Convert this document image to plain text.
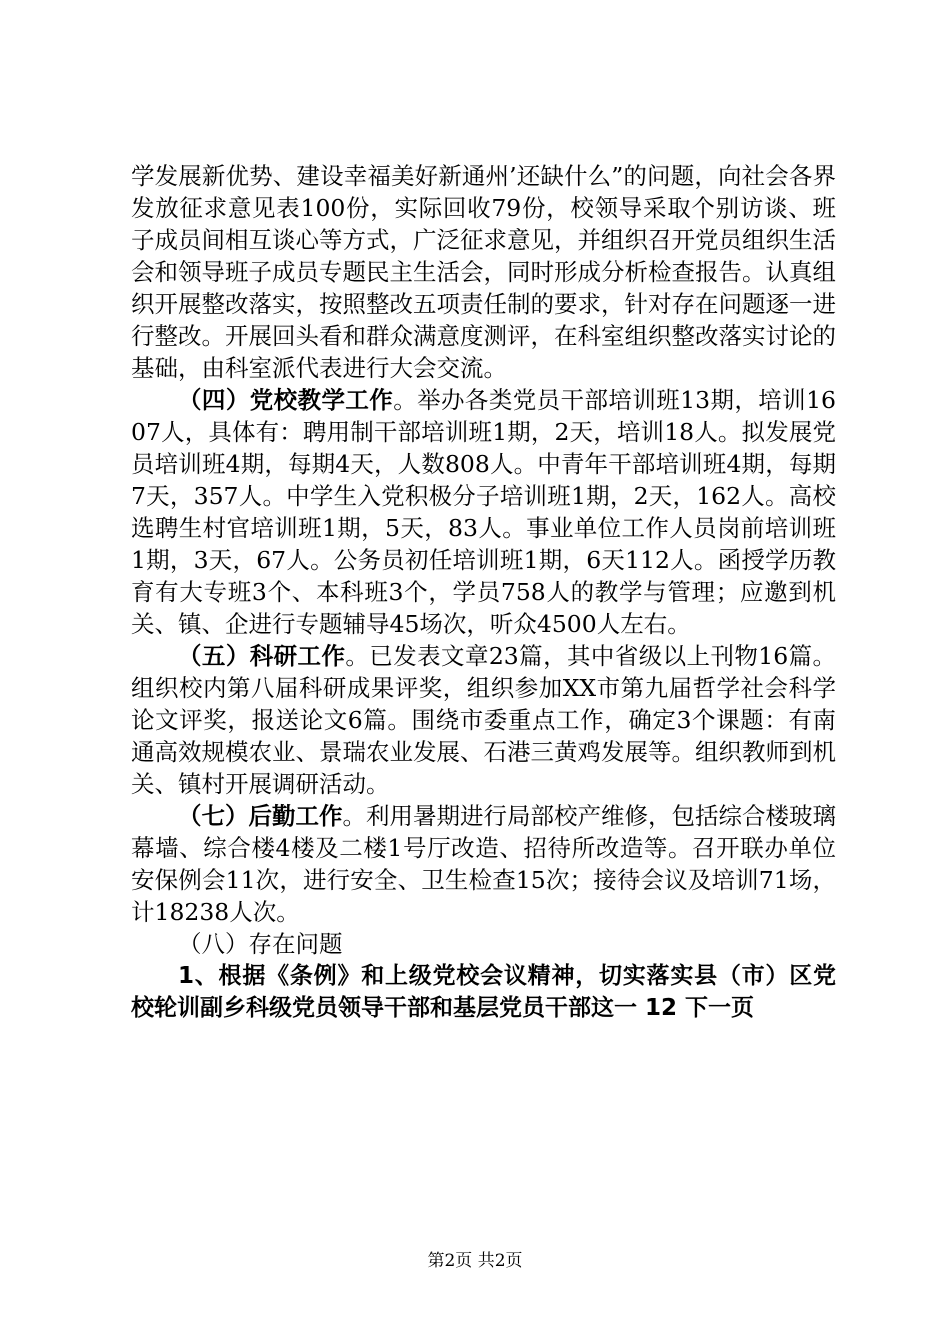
学发展新优势、建设幸福美好新通州’还缺什么”的问题，向社会各界发放征求意见表100份，实际回收79份，校领导采取个别访谈、班子成员间相互谈心等方式，广泛征求意见，并组织召开党员组织生活会和领导班子成员专题民主生活会，同时形成分析检查报告。认真组织开展整改落实，按照整改五项责任制的要求，针对存在问题逐一进行整改。开展回头看和群众满意度测评，在科室组织整改落实讨论的基础，由科室派代表进行大会交流。

（四）党校教学工作。举办各类党员干部培训班13期，培训1607人，具体有：聘用制干部培训班1期，2天，培训18人。拟发展党员培训班4期，每期4天，人数808人。中青年干部培训班4期，每期7天，357人。中学生入党积极分子培训班1期，2天，162人。高校选聘生村官培训班1期，5天，83人。事业单位工作人员岗前培训班1期，3天，67人。公务员初任培训班1期，6天112人。函授学历教育有大专班3个、本科班3个，学员758人的教学与管理；应邀到机关、镇、企进行专题辅导45场次，听众4500人左右。

（五）科研工作。已发表文章23篇，其中省级以上刊物16篇。组织校内第八届科研成果评奖，组织参加XX市第九届哲学社会科学论文评奖，报送论文6篇。围绕市委重点工作，确定3个课题：有南通高效规模农业、景瑞农业发展、石港三黄鸡发展等。组织教师到机关、镇村开展调研活动。

（七）后勤工作。利用暑期进行局部校产维修，包括综合楼玻璃幕墙、综合楼4楼及二楼1号厅改造、招待所改造等。召开联办单位安保例会11次，进行安全、卫生检查15次；接待会议及培训71场，计18238人次。

（八）存在问题

1、根据《条例》和上级党校会议精神，切实落实县（市）区党校轮训副乡科级党员领导干部和基层党员干部这一 12 下一页

第2页 共2页
